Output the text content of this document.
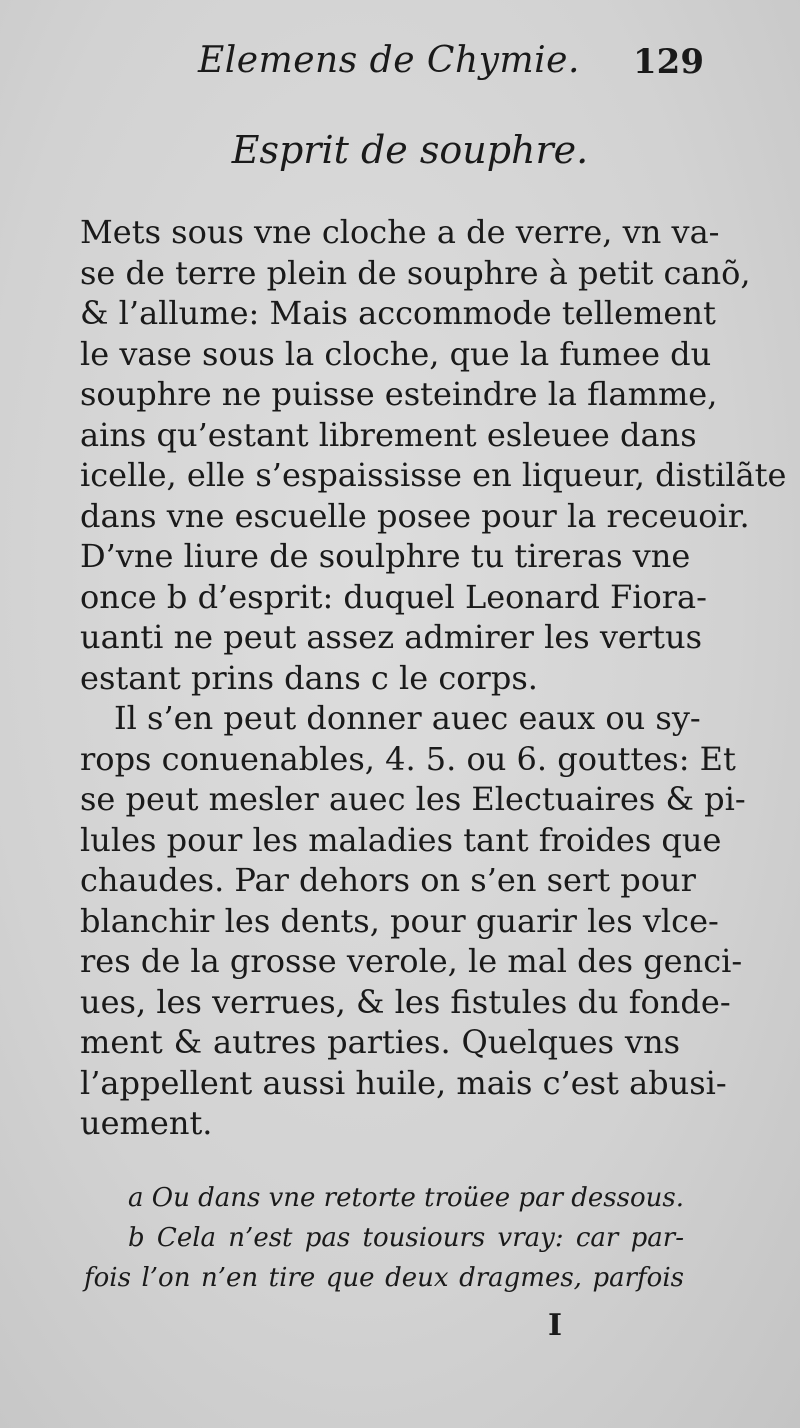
Elemens de Chymie. 129
Esprit de souphre.
Mets sous vne cloche a de verre, vn va-
se de terre plein de souphre à petit canõ,
& l’allume: Mais accommode tellement
le vase sous la cloche, que la fumee du
souphre ne puisse esteindre la flamme,
ains qu’estant librement esleuee dans
icelle, elle s’espaississe en liqueur, distilãte
dans vne escuelle posee pour la receuoir.
D’vne liure de soulphre tu tireras vne
once b d’esprit: duquel Leonard Fiora-
uanti ne peut assez admirer les vertus
estant prins dans c le corps.
Il s’en peut donner auec eaux ou sy-
rops conuenables, 4. 5. ou 6. gouttes: Et
se peut mesler auec les Electuaires & pi-
lules pour les maladies tant froides que
chaudes. Par dehors on s’en sert pour
blanchir les dents, pour guarir les vlce-
res de la grosse verole, le mal des genci-
ues, les verrues, & les fistules du fonde-
ment & autres parties. Quelques vns
l’appellent aussi huile, mais c’est abusi-
uement.
a Ou dans vne retorte troüee par dessous.
b Cela n’est pas tousiours vray: car par-
fois l’on n’en tire que deux dragmes, parfois
I
